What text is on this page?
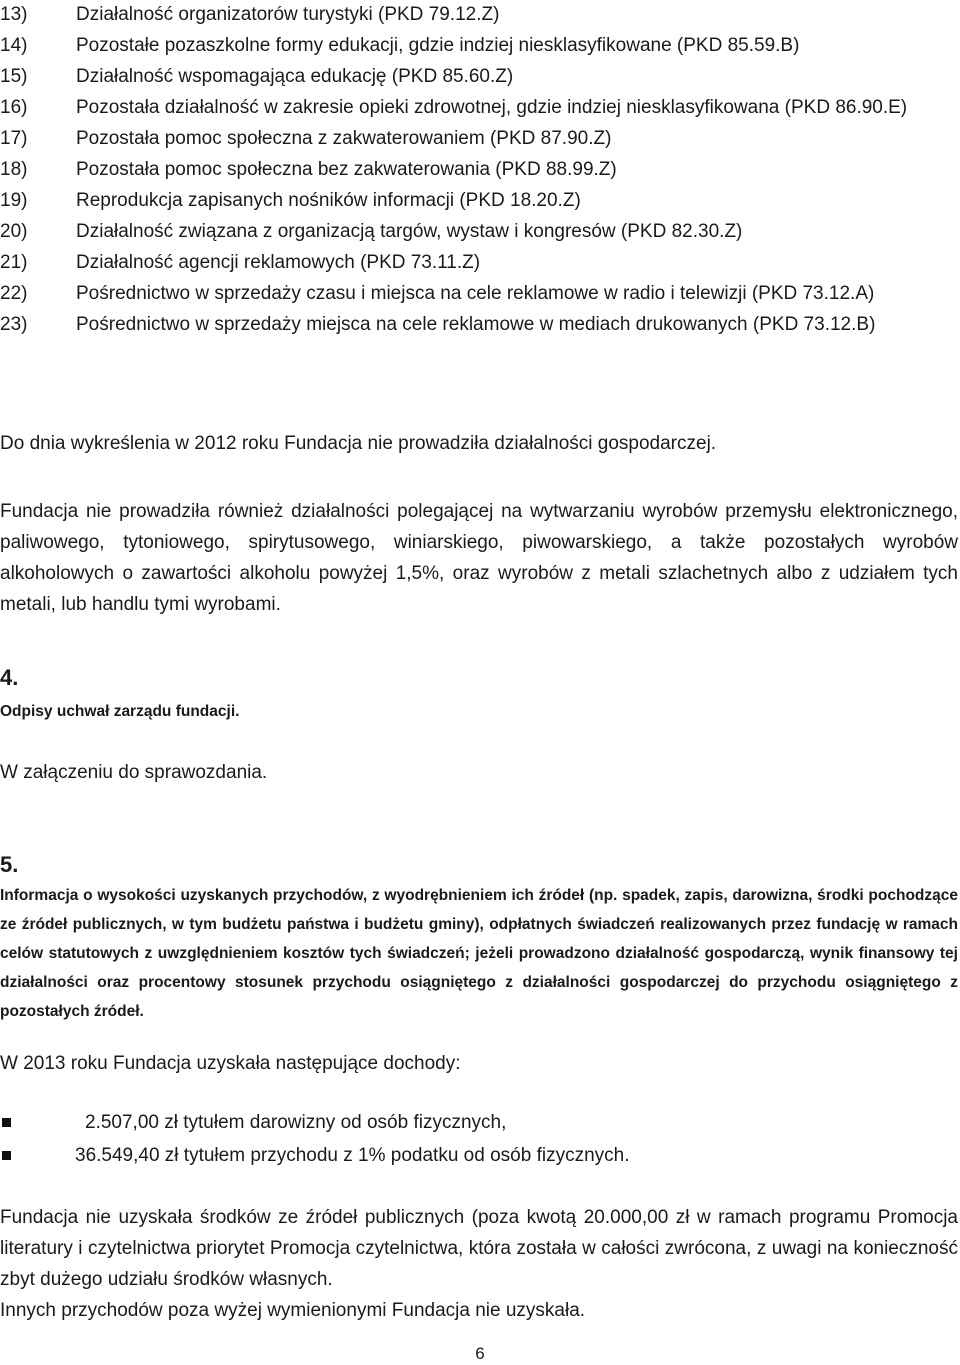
13)	Działalność organizatorów turystyki (PKD 79.12.Z)
14)	Pozostałe pozaszkolne formy edukacji, gdzie indziej niesklasyfikowane (PKD 85.59.B)
15)	Działalność wspomagająca edukację (PKD 85.60.Z)
16)	Pozostała działalność w zakresie opieki zdrowotnej, gdzie indziej niesklasyfikowana (PKD 86.90.E)
17)	Pozostała pomoc społeczna z zakwaterowaniem (PKD 87.90.Z)
18)	Pozostała pomoc społeczna bez zakwaterowania (PKD 88.99.Z)
19)	Reprodukcja zapisanych nośników informacji (PKD 18.20.Z)
20)	Działalność związana z organizacją targów, wystaw i kongresów (PKD 82.30.Z)
21)	Działalność agencji reklamowych (PKD 73.11.Z)
22)	Pośrednictwo w sprzedaży czasu i miejsca na cele reklamowe w radio i telewizji (PKD 73.12.A)
23)	Pośrednictwo w sprzedaży miejsca na cele reklamowe w mediach drukowanych (PKD 73.12.B)

Do dnia wykreślenia w 2012 roku Fundacja nie prowadziła działalności gospodarczej.

Fundacja nie prowadziła również działalności polegającej na wytwarzaniu wyrobów przemysłu elektronicznego, paliwowego, tytoniowego, spirytusowego, winiarskiego, piwowarskiego, a także pozostałych wyrobów alkoholowych o zawartości alkoholu powyżej 1,5%, oraz wyrobów z metali szlachetnych albo z udziałem tych metali, lub handlu tymi wyrobami.

4.

Odpisy uchwał zarządu fundacji.

W załączeniu do sprawozdania.

5.

Informacja o wysokości uzyskanych przychodów, z wyodrębnieniem ich źródeł (np. spadek, zapis, darowizna, środki pochodzące ze źródeł publicznych, w tym budżetu państwa i budżetu gminy), odpłatnych świadczeń realizowanych przez fundację w ramach celów statutowych z uwzględnieniem kosztów tych świadczeń; jeżeli prowadzono działalność gospodarczą, wynik finansowy tej działalności oraz procentowy stosunek przychodu osiągniętego z działalności gospodarczej do przychodu osiągniętego z pozostałych źródeł.

W 2013 roku Fundacja uzyskała następujące dochody:

2.507,00 zł tytułem darowizny od osób fizycznych,
36.549,40 zł tytułem przychodu z 1% podatku od osób fizycznych.

Fundacja nie uzyskała środków ze źródeł publicznych (poza kwotą 20.000,00 zł w ramach programu Promocja literatury i czytelnictwa priorytet Promocja czytelnictwa, która została w całości zwrócona, z uwagi na konieczność zbyt dużego udziału środków własnych.

Innych przychodów poza wyżej wymienionymi Fundacja nie uzyskała.

6
